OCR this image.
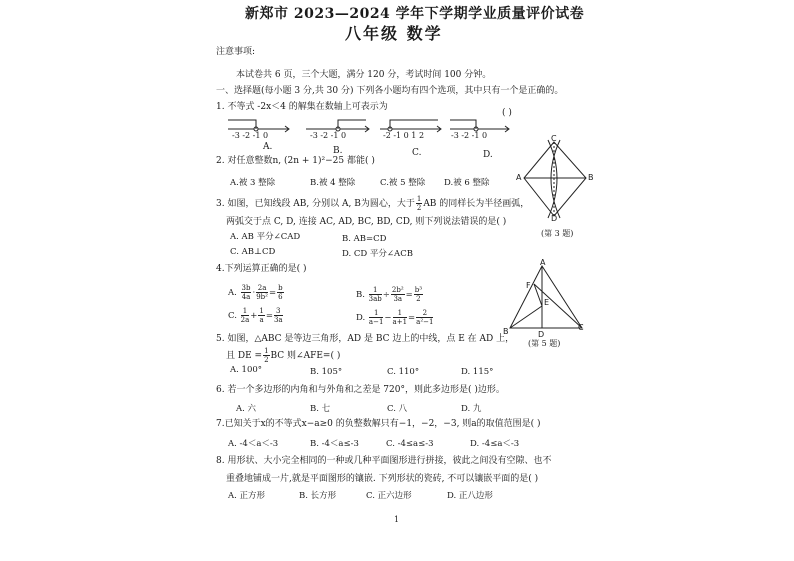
新郑市 2023—2024 学年下学期学业质量评价试卷
八年级 数学
注意事项:
本试卷共 6 页，三个大题，满分 120 分，考试时间 100 分钟。
一、选择题(每小题 3 分,共 30 分) 下列各小题均有四个选项，其中只有一个是正确的。
1. 不等式 -2x＜4 的解集在数轴上可表示为
( )
-3 -2 -1 0	-3 -2 -1 0	-2 -1 0 1 2	-3 -2 -1 0
A.	B.	C.	D.
2. 对任意整数n, (2n + 1)²−25 都能( )
A.被 3 整除	B.被 4 整除	C.被 5 整除 D.被 6 整除
C
A	B
D
(第 3 题)
3. 如图，已知线段 AB, 分别以 A, B为圆心，大于 $\frac{1}{2}$ AB 的同样长为半径画弧，
两弧交于点 C, D, 连接 AC, AD, BC, BD, CD, 则下列说法错误的是( )
A. AB 平分∠CAD	B. AB=CD
C. AB⊥CD	D. CD 平分∠ACB
4.下列运算正确的是( )
A. $\frac{3b}{4a} \cdot \frac{2a}{\text{9b²}} = \frac{b}{6}$	B. $\frac{1}{3ab} \div \frac{\text{2b²}}{3a} = \frac{\text{b³}}{2}$
C. $\frac{1}{2a} + \frac{1}{a} = \frac{3}{3a}$	D. $\frac{1}{a-1} - \frac{1}{a+1} = \frac{2}{\text{a²−1}}$
A
F
E
B	D
C
(第 5 题)
5. 如图，△ABC 是等边三角形，AD 是 BC 边上的中线，点 E 在 AD 上，
且 DE = $\frac{1}{2}$ BC 则∠AFE=( )
A. 100°	B. 105°	C. 110°	D. 115°
6. 若一个多边形的内角和与外角和之差是 720°，则此多边形是( )边形。
A. 六	B. 七	C. 八	D. 九
7.已知关于x的不等式x−a≥0 的负整数解只有−1，−2，−3, 则a的取值范围是( )
A. -4＜a＜-3	B. -4＜a≤-3	C. -4≤a≤-3	D. -4≤a＜-3
8. 用形状、大小完全相同的一种或几种平面图形进行拼接，彼此之间没有空隙、也不
重叠地铺成一片,就是平面图形的镶嵌. 下列形状的瓷砖, 不可以镶嵌平面的是( )
A. 正方形	B. 长方形	C. 正六边形	D. 正八边形
1
